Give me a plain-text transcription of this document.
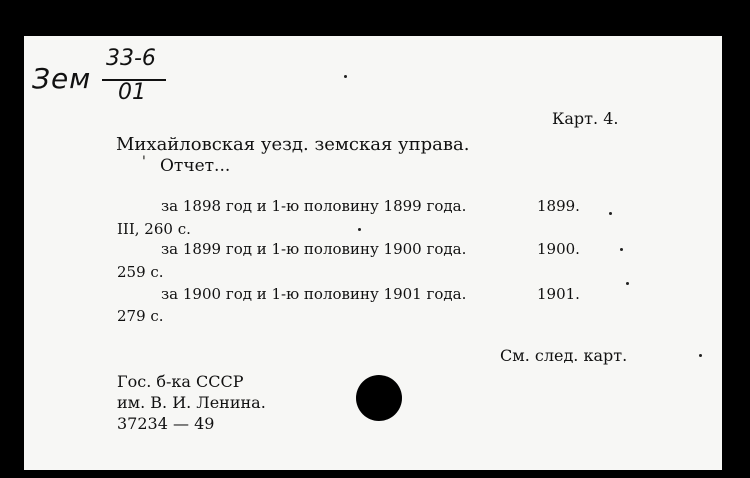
Зем
33-6
01
Карт. 4.
Михайловская уезд. земская управа.
' Отчет...
за 1898 год и 1-ю половину 1899 года.	1899.
III, 260 с.
за 1899 год и 1-ю половину 1900 года.	1900.
259 с.
за 1900 год и 1-ю половину 1901 года.	1901.
279 с.
См. след. карт.
Гос. б-ка СССР
им. В. И. Ленина.
37234 — 49
